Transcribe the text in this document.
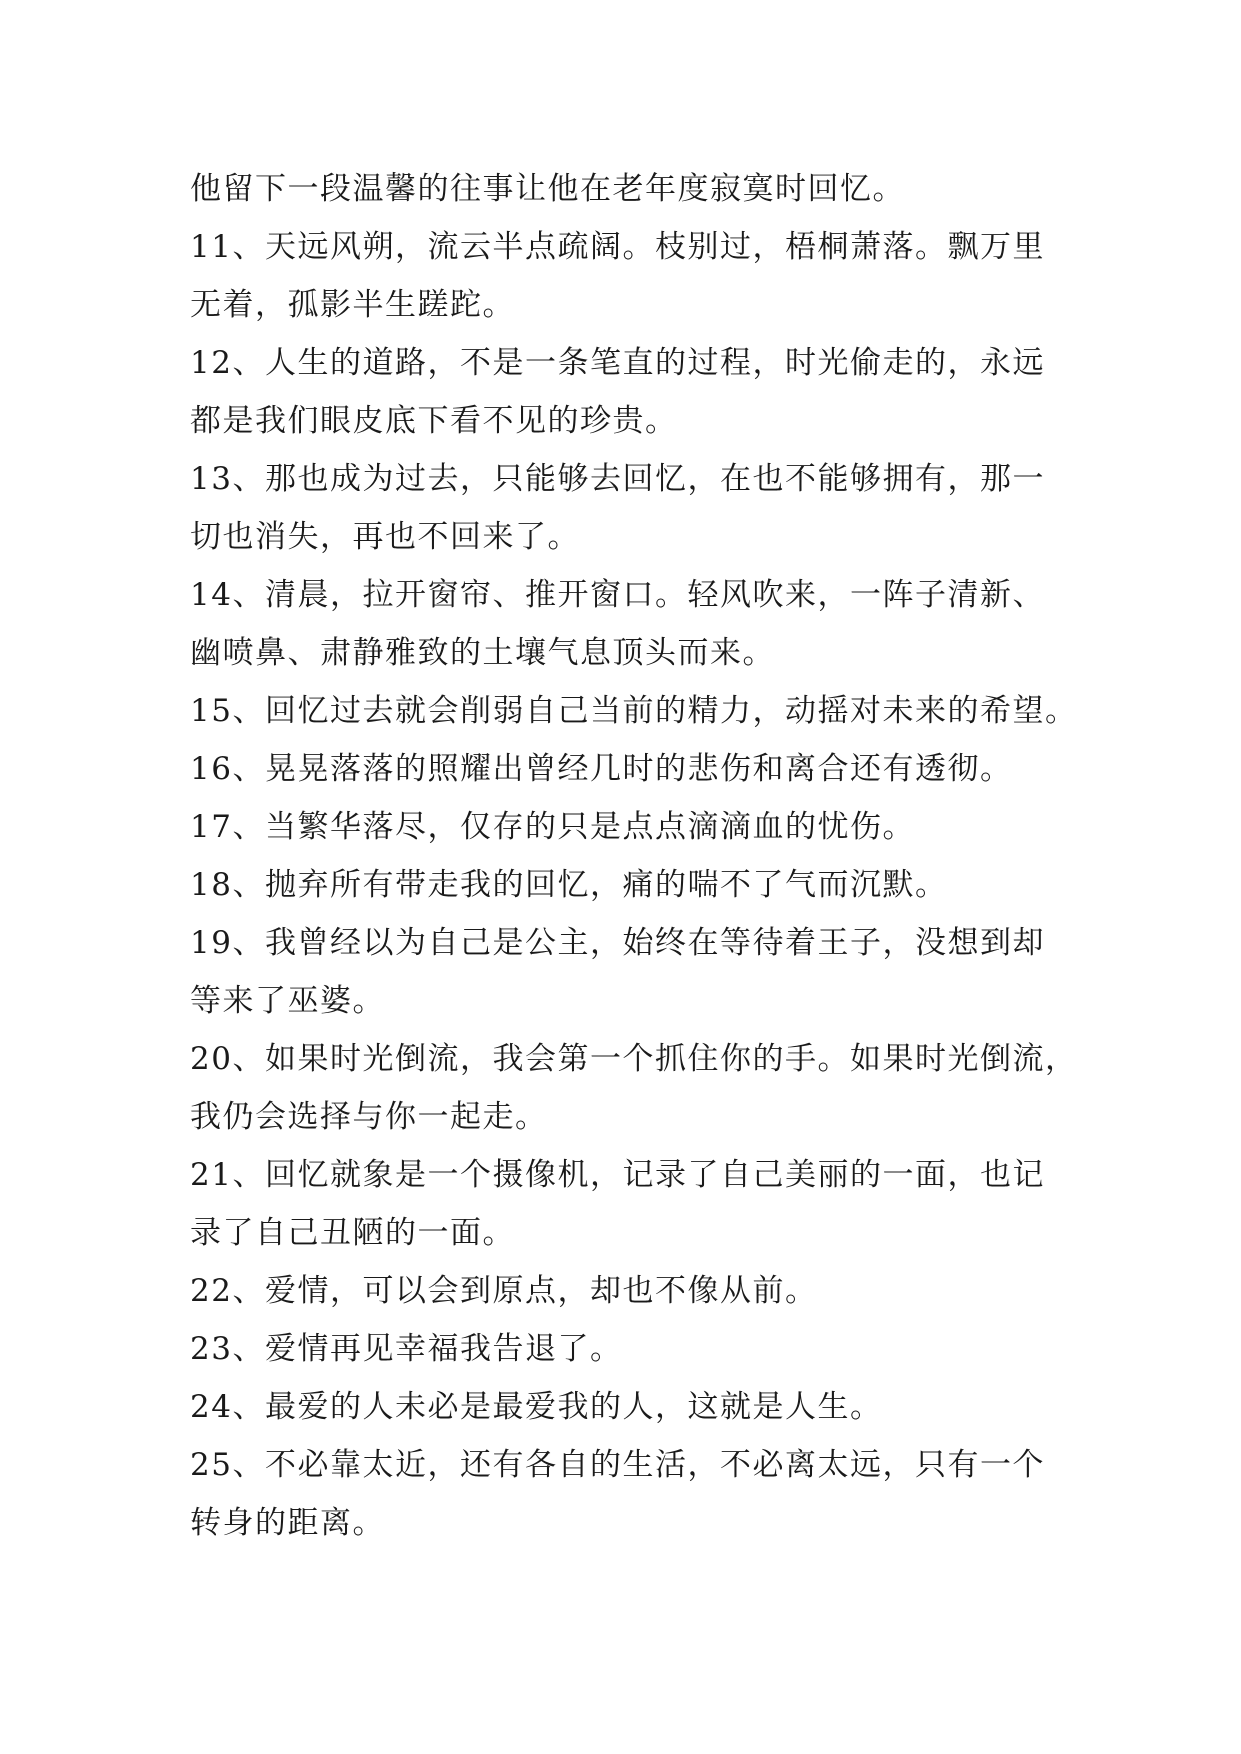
他留下一段温馨的往事让他在老年度寂寞时回忆。
11、天远风朔，流云半点疏阔。枝别过，梧桐萧落。飘万里
无着，孤影半生蹉跎。
12、人生的道路，不是一条笔直的过程，时光偷走的，永远
都是我们眼皮底下看不见的珍贵。
13、那也成为过去，只能够去回忆，在也不能够拥有，那一
切也消失，再也不回来了。
14、清晨，拉开窗帘、推开窗口。轻风吹来，一阵子清新、
幽喷鼻、肃静雅致的土壤气息顶头而来。
15、回忆过去就会削弱自己当前的精力，动摇对未来的希望。
16、晃晃落落的照耀出曾经几时的悲伤和离合还有透彻。
17、当繁华落尽，仅存的只是点点滴滴血的忧伤。
18、抛弃所有带走我的回忆，痛的喘不了气而沉默。
19、我曾经以为自己是公主，始终在等待着王子，没想到却
等来了巫婆。
20、如果时光倒流，我会第一个抓住你的手。如果时光倒流，
我仍会选择与你一起走。
21、回忆就象是一个摄像机，记录了自己美丽的一面，也记
录了自己丑陋的一面。
22、爱情，可以会到原点，却也不像从前。
23、爱情再见幸福我告退了。
24、最爱的人未必是最爱我的人，这就是人生。
25、不必靠太近，还有各自的生活，不必离太远，只有一个
转身的距离。
